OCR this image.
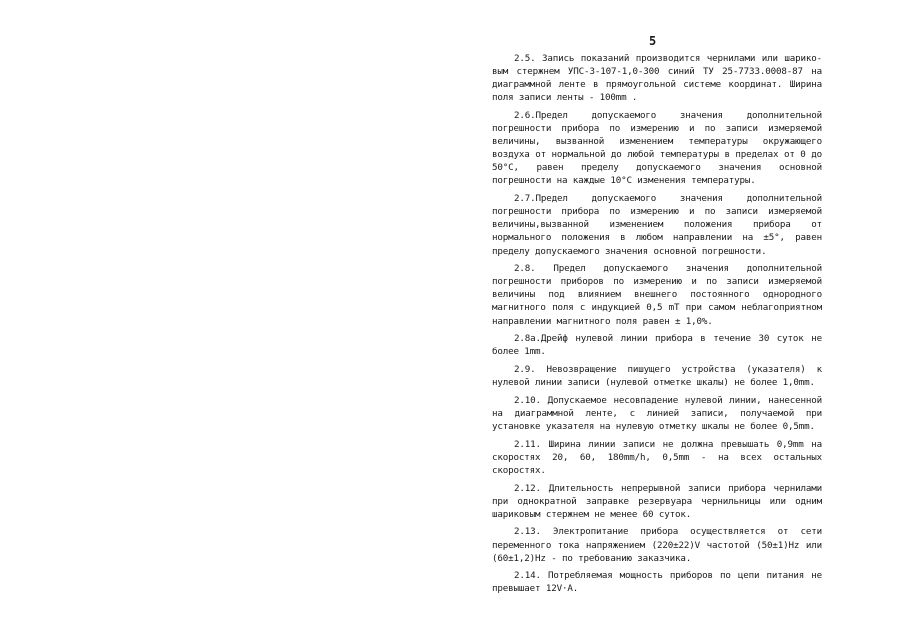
5

2.5. Запись показаний производится чернилами или шарико-вым стержнем УПС-3-107-1,0-300 синий ТУ 25-7733.0008-87 на диаграммной ленте в прямоугольной системе координат. Ширина поля записи ленты - 100mm .

2.6.Предел допускаемого значения дополнительной погрешности прибора по измерению и по записи измеряемой величины, вызванной изменением температуры окружающего воздуха от нормальной до любой температуры в пределах от 0 до 50°С, равен пределу допускаемого значения основной погрешности на каждые 10°С изменения температуры.

2.7.Предел допускаемого значения дополнительной погрешности прибора по измерению и по записи измеряемой величины,вызванной изменением положения прибора от нормального положения в любом направлении на ±5°, равен пределу допускаемого значения основной погрешности.

2.8. Предел допускаемого значения дополнительной погрешности приборов по измерению и по записи измеряемой величины под влиянием внешнего постоянного однородного магнитного поля с индукцией 0,5 mT при самом неблагоприятном направлении магнитного поля равен ± 1,0%.

2.8а.Дрейф нулевой линии прибора в течение 30 суток не более 1mm.

2.9. Невозвращение пишущего устройства (указателя) к нулевой линии записи (нулевой отметке шкалы) не более 1,0mm.

2.10. Допускаемое несовпадение нулевой линии, нанесенной на диаграммной ленте, с линией записи, получаемой при установке указателя на нулевую отметку шкалы не более 0,5mm.

2.11. Ширина линии записи не должна превышать 0,9mm на скоростях 20, 60, 180mm/h, 0,5mm - на всех остальных скоростях.

2.12. Длительность непрерывной записи прибора чернилами при однократной заправке резервуара чернильницы или одним шариковым стержнем не менее 60 суток.

2.13. Электропитание прибора осуществляется от сети переменного тока напряжением (220±22)V частотой (50±1)Hz или (60±1,2)Hz - по требованию заказчика.

2.14. Потребляемая мощность приборов по цепи питания не превышает 12V·A.
